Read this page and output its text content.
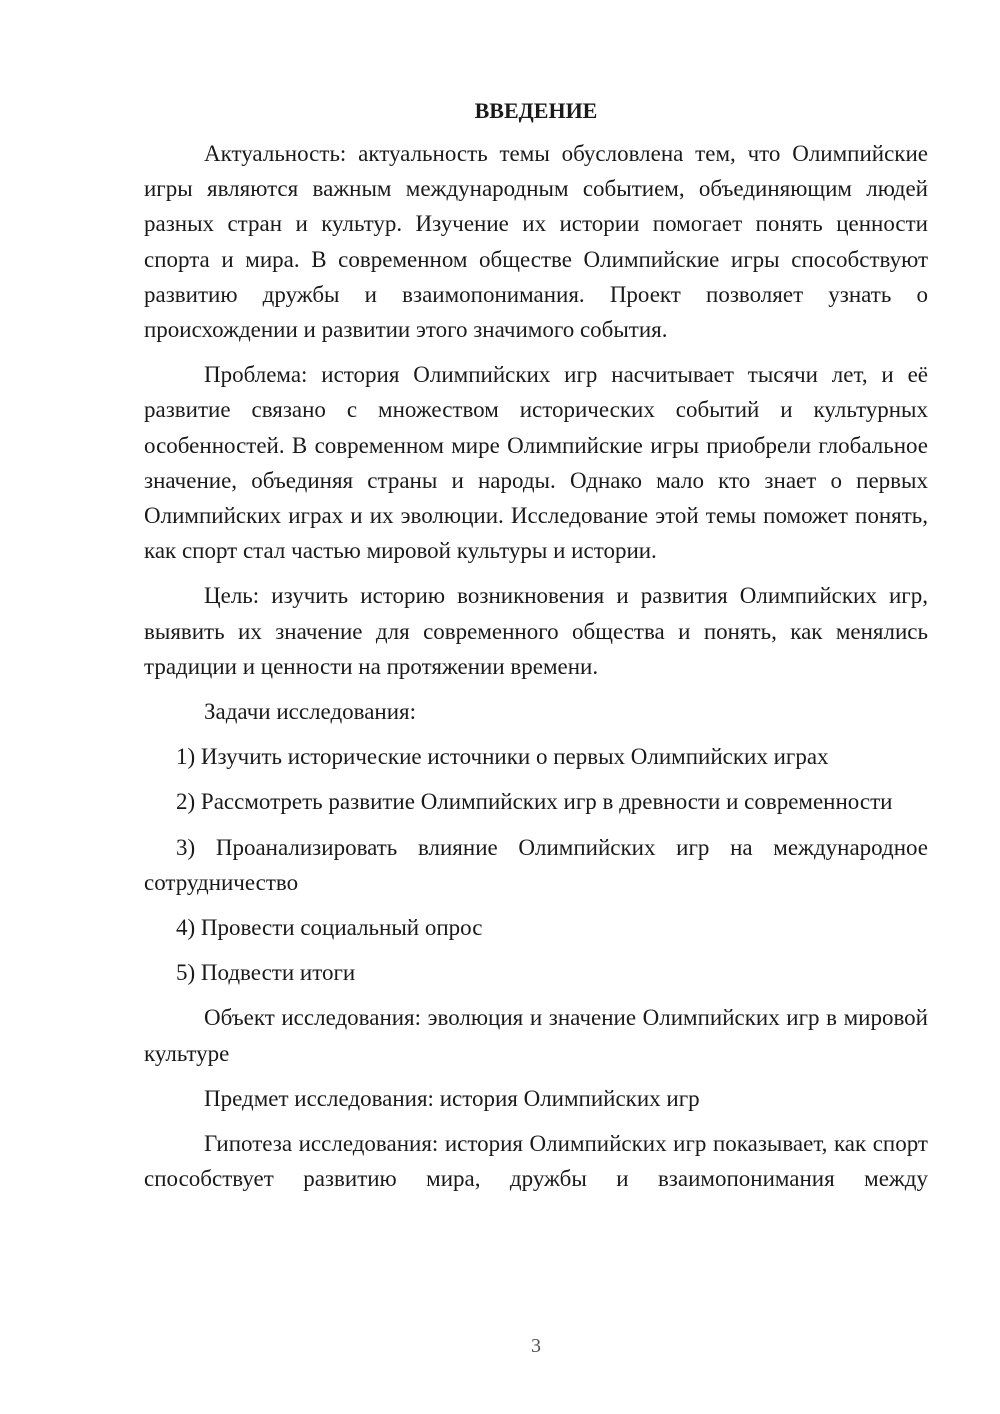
ВВЕДЕНИЕ

Актуальность: актуальность темы обусловлена тем, что Олимпийские игры являются важным международным событием, объединяющим людей разных стран и культур. Изучение их истории помогает понять ценности спорта и мира. В современном обществе Олимпийские игры способствуют развитию дружбы и взаимопонимания. Проект позволяет узнать о происхождении и развитии этого значимого события.

Проблема: история Олимпийских игр насчитывает тысячи лет, и её развитие связано с множеством исторических событий и культурных особенностей. В современном мире Олимпийские игры приобрели глобальное значение, объединяя страны и народы. Однако мало кто знает о первых Олимпийских играх и их эволюции. Исследование этой темы поможет понять, как спорт стал частью мировой культуры и истории.

Цель: изучить историю возникновения и развития Олимпийских игр, выявить их значение для современного общества и понять, как менялись традиции и ценности на протяжении времени.

Задачи исследования:

1) Изучить исторические источники о первых Олимпийских играх

2) Рассмотреть развитие Олимпийских игр в древности и современности

3) Проанализировать влияние Олимпийских игр на международное сотрудничество

4) Провести социальный опрос

5) Подвести итоги

Объект исследования: эволюция и значение Олимпийских игр в мировой культуре

Предмет исследования: история Олимпийских игр

Гипотеза исследования: история Олимпийских игр показывает, как спорт способствует развитию мира, дружбы и взаимопонимания между

3
